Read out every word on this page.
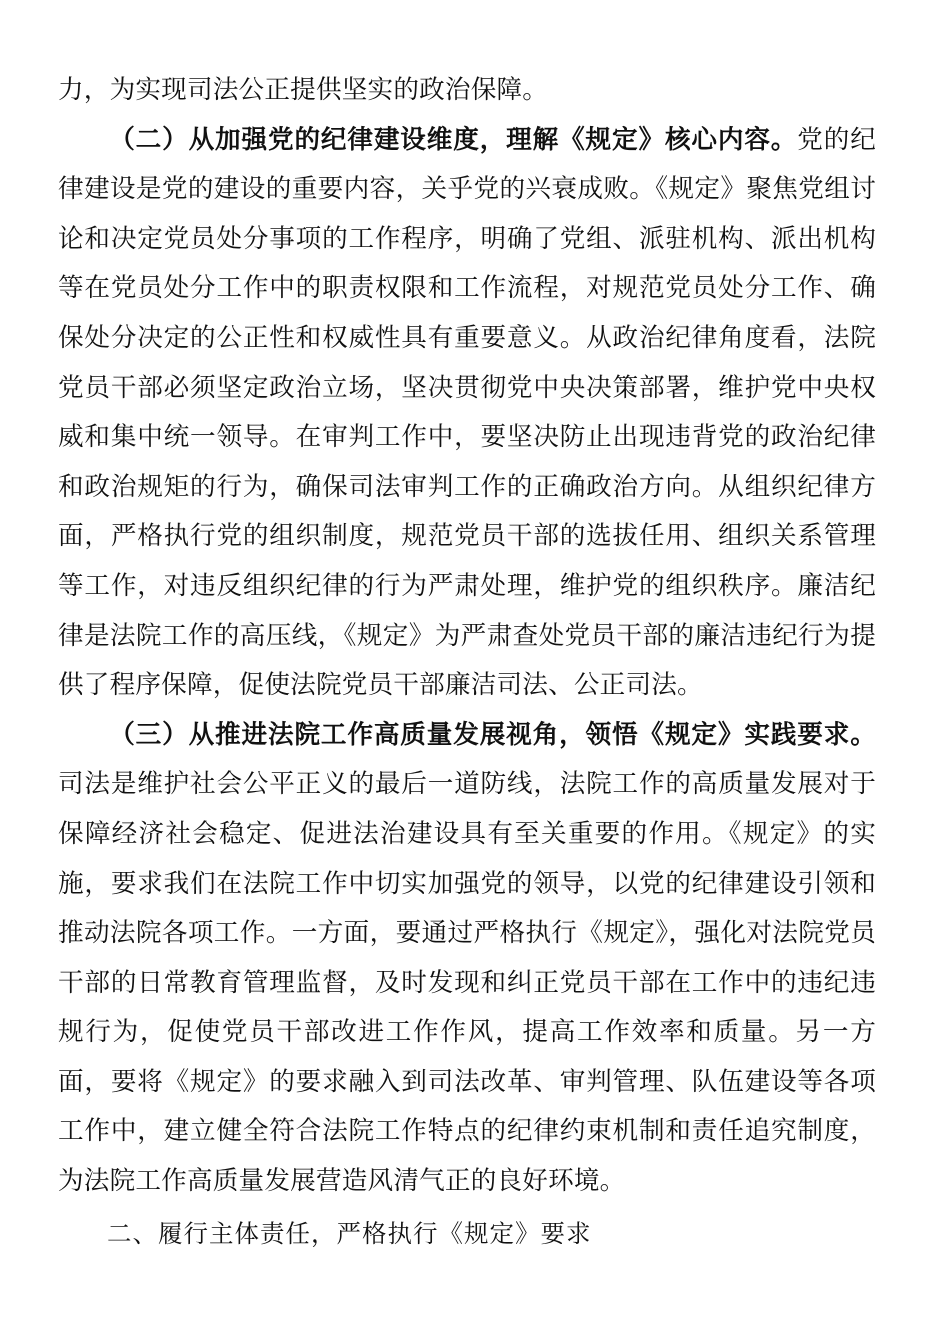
力，为实现司法公正提供坚实的政治保障。

（二）从加强党的纪律建设维度，理解《规定》核心内容。党的纪律建设是党的建设的重要内容，关乎党的兴衰成败。《规定》聚焦党组讨论和决定党员处分事项的工作程序，明确了党组、派驻机构、派出机构等在党员处分工作中的职责权限和工作流程，对规范党员处分工作、确保处分决定的公正性和权威性具有重要意义。从政治纪律角度看，法院党员干部必须坚定政治立场，坚决贯彻党中央决策部署，维护党中央权威和集中统一领导。在审判工作中，要坚决防止出现违背党的政治纪律和政治规矩的行为，确保司法审判工作的正确政治方向。从组织纪律方面，严格执行党的组织制度，规范党员干部的选拔任用、组织关系管理等工作，对违反组织纪律的行为严肃处理，维护党的组织秩序。廉洁纪律是法院工作的高压线，《规定》为严肃查处党员干部的廉洁违纪行为提供了程序保障，促使法院党员干部廉洁司法、公正司法。

（三）从推进法院工作高质量发展视角，领悟《规定》实践要求。司法是维护社会公平正义的最后一道防线，法院工作的高质量发展对于保障经济社会稳定、促进法治建设具有至关重要的作用。《规定》的实施，要求我们在法院工作中切实加强党的领导，以党的纪律建设引领和推动法院各项工作。一方面，要通过严格执行《规定》，强化对法院党员干部的日常教育管理监督，及时发现和纠正党员干部在工作中的违纪违规行为，促使党员干部改进工作作风，提高工作效率和质量。另一方面，要将《规定》的要求融入到司法改革、审判管理、队伍建设等各项工作中，建立健全符合法院工作特点的纪律约束机制和责任追究制度，为法院工作高质量发展营造风清气正的良好环境。

二、履行主体责任，严格执行《规定》要求
